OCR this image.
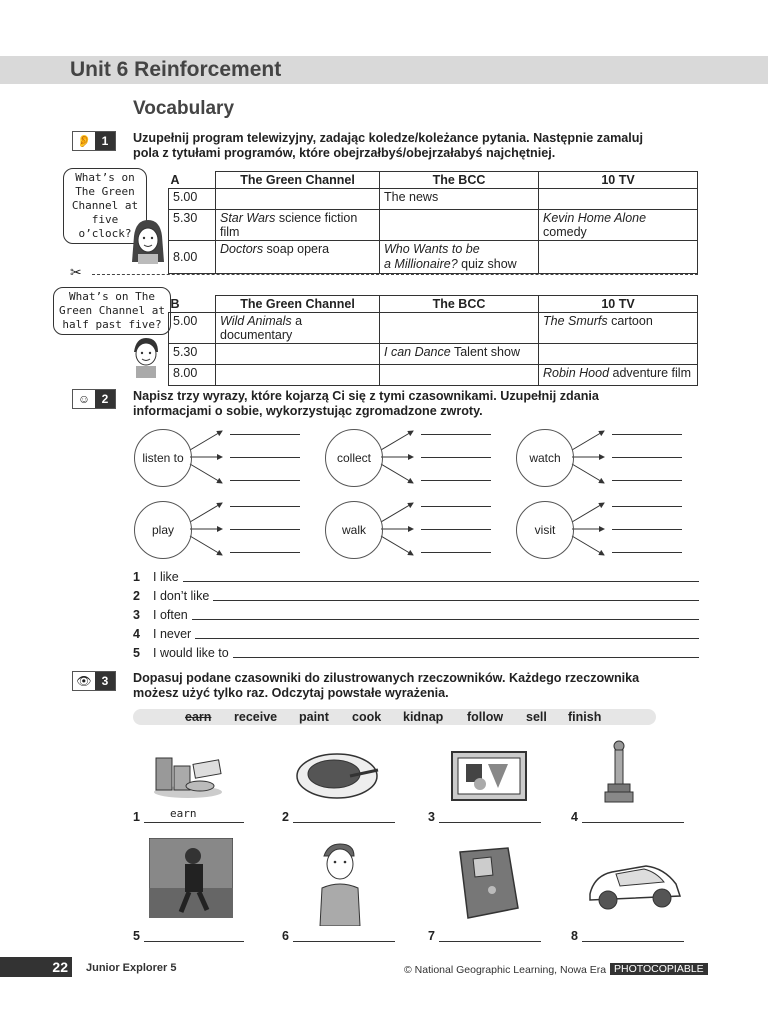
Unit 6 Reinforcement
Vocabulary
👂 1	Uzupełnij program telewizyjny, zadając koledze/koleżance pytania. Następnie zamaluj
pola z tytułami programów, które obejrzałbyś/obejrzałabyś najchętniej.
What’s on
The Green
Channel at
five o’clock?
A	The Green Channel	The BCC	10 TV
5.00		The news	
5.30	Star Wars science fiction film		Kevin Home Alone comedy
8.00	Doctors soap opera	Who Wants to be
a Millionaire? quiz show	
✂
What’s on The
Green Channel at
half past five?
B	The Green Channel	The BCC	10 TV
5.00	Wild Animals a documentary		The Smurfs cartoon
5.30		I can Dance Talent show	
8.00			Robin Hood adventure film
☺ 2	Napisz trzy wyrazy, które kojarzą Ci się z tymi czasownikami. Uzupełnij zdania
informacjami o sobie, wykorzystując zgromadzone zwroty.
listen to	collect	watch
play	walk	visit
1	I like
2	I don’t like
3	I often
4	I never
5	I would like to
👁 3	Dopasuj podane czasowniki do zilustrowanych rzeczowników. Każdego rzeczownika
możesz użyć tylko raz. Odczytaj powstałe wyrażenia.
earn receive paint cook kidnap follow sell finish
1	earn	2	3	4
5	6	7	8
22	Junior Explorer 5	© National Geographic Learning, Nowa Era PHOTOCOPIABLE
